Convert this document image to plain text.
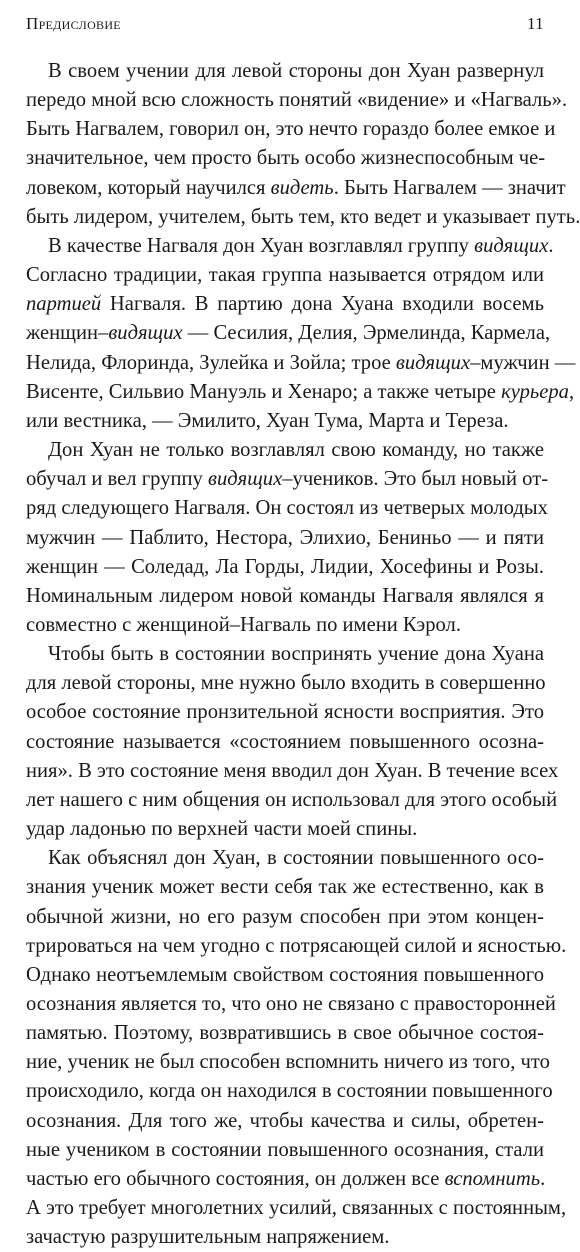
Предисловие	11
В своем учении для левой стороны дон Хуан развернул
передо мной всю сложность понятий «видение» и «Нагваль».
Быть Нагвалем, говорил он, это нечто гораздо более емкое и
значительное, чем просто быть особо жизнеспособным че-
ловеком, который научился видеть. Быть Нагвалем — значит
быть лидером, учителем, быть тем, кто ведет и указывает путь.
В качестве Нагваля дон Хуан возглавлял группу видящих.
Согласно традиции, такая группа называется отрядом или
партией Нагваля. В партию дона Хуана входили восемь
женщин–видящих — Сесилия, Делия, Эрмелинда, Кармела,
Нелида, Флоринда, Зулейка и Зойла; трое видящих–мужчин —
Висенте, Сильвио Мануэль и Хенаро; а также четыре курьера,
или вестника, — Эмилито, Хуан Тума, Марта и Тереза.
Дон Хуан не только возглавлял свою команду, но также
обучал и вел группу видящих–учеников. Это был новый от-
ряд следующего Нагваля. Он состоял из четверых молодых
мужчин — Паблито, Нестора, Элихио, Бениньо — и пяти
женщин — Соледад, Ла Горды, Лидии, Хосефины и Розы.
Номинальным лидером новой команды Нагваля являлся я
совместно с женщиной–Нагваль по имени Кэрол.
Чтобы быть в состоянии воспринять учение дона Хуана
для левой стороны, мне нужно было входить в совершенно
особое состояние пронзительной ясности восприятия. Это
состояние называется «состоянием повышенного осозна-
ния». В это состояние меня вводил дон Хуан. В течение всех
лет нашего с ним общения он использовал для этого особый
удар ладонью по верхней части моей спины.
Как объяснял дон Хуан, в состоянии повышенного осо-
знания ученик может вести себя так же естественно, как в
обычной жизни, но его разум способен при этом концен-
трироваться на чем угодно с потрясающей силой и ясностью.
Однако неотъемлемым свойством состояния повышенного
осознания является то, что оно не связано с правосторонней
памятью. Поэтому, возвратившись в свое обычное состоя-
ние, ученик не был способен вспомнить ничего из того, что
происходило, когда он находился в состоянии повышенного
осознания. Для того же, чтобы качества и силы, обретен-
ные учеником в состоянии повышенного осознания, стали
частью его обычного состояния, он должен все вспомнить.
А это требует многолетних усилий, связанных с постоянным,
зачастую разрушительным напряжением.
